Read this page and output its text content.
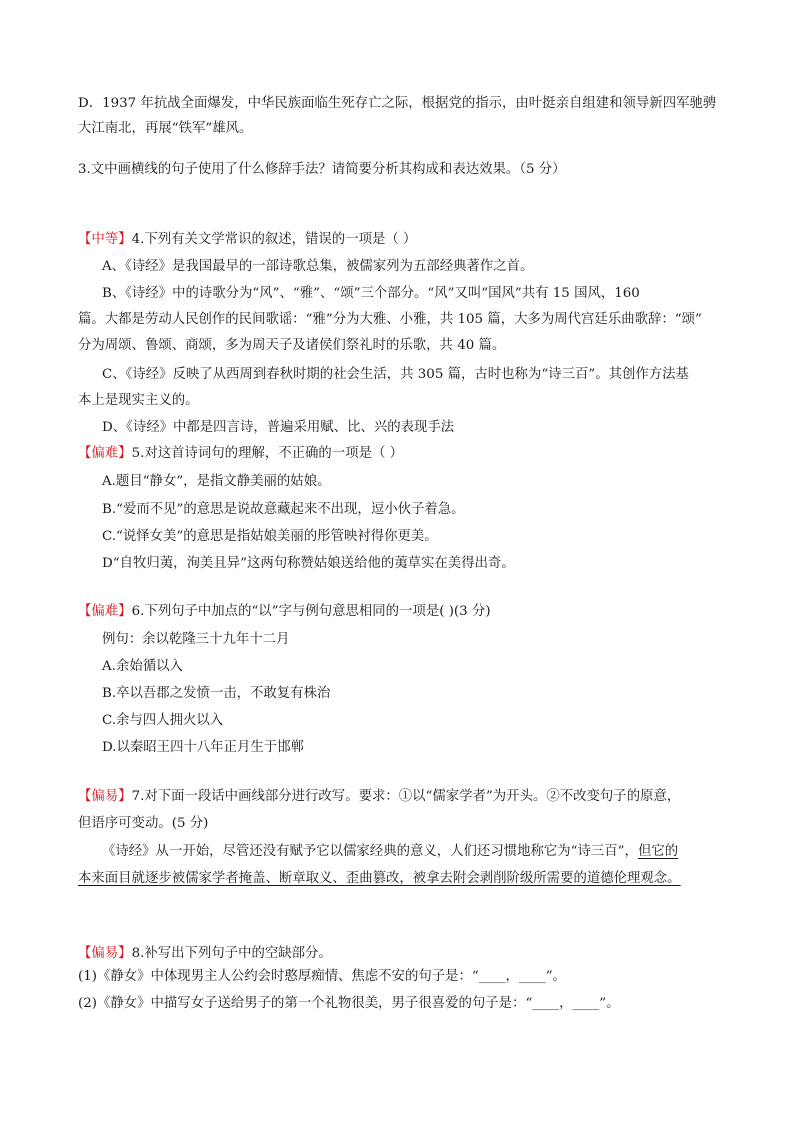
D．1937 年抗战全面爆发，中华民族面临生死存亡之际，根据党的指示，由叶挺亲自组建和领导新四军驰骋
大江南北，再展“铁军”雄风。
3.文中画横线的句子使用了什么修辞手法？请简要分析其构成和表达效果。（5 分）
【中等】4.下列有关文学常识的叙述，错误的一项是（ ）
A、《诗经》是我国最早的一部诗歌总集，被儒家列为五部经典著作之首。
B、《诗经》中的诗歌分为“风”、“雅”、“颂”三个部分。“风”又叫“国风”共有 15 国风，160
篇。大都是劳动人民创作的民间歌谣：“雅”分为大雅、小雅，共 105 篇，大多为周代宫廷乐曲歌辞：“颂”
分为周颂、鲁颂、商颂，多为周天子及诸侯们祭礼时的乐歌，共 40 篇。
C、《诗经》反映了从西周到春秋时期的社会生活，共 305 篇，古时也称为“诗三百”。其创作方法基
本上是现实主义的。
D、《诗经》中都是四言诗，普遍采用赋、比、兴的表现手法
【偏难】5.对这首诗词句的理解，不正确的一项是（ ）
A.题目“静女”，是指文静美丽的姑娘。
B.“爱而不见”的意思是说故意藏起来不出现，逗小伙子着急。
C.“说怿女美”的意思是指姑娘美丽的彤管映衬得你更美。
D“自牧归荑，洵美且异”这两句称赞姑娘送给他的荑草实在美得出奇。
【偏难】6.下列句子中加点的“以”字与例句意思相同的一项是( )(3 分)
例句：余以乾隆三十九年十二月
A.余始循以入
B.卒以吾郡之发愤一击，不敢复有株治
C.余与四人拥火以入
D.以秦昭王四十八年正月生于邯郸
【偏易】7.对下面一段话中画线部分进行改写。要求：①以“儒家学者”为开头。②不改变句子的原意，
但语序可变动。(5 分)
《诗经》从一开始，尽管还没有赋予它以儒家经典的意义，人们还习惯地称它为“诗三百”，但它的
本来面目就逐步被儒家学者掩盖、断章取义、歪曲篡改，被拿去附会剥削阶级所需要的道德伦理观念。
【偏易】8.补写出下列句子中的空缺部分。
(1)《静女》中体现男主人公约会时憨厚痴情、焦虑不安的句子是：“____，____”。
(2)《静女》中描写女子送给男子的第一个礼物很美，男子很喜爱的句子是：“____，____”。
